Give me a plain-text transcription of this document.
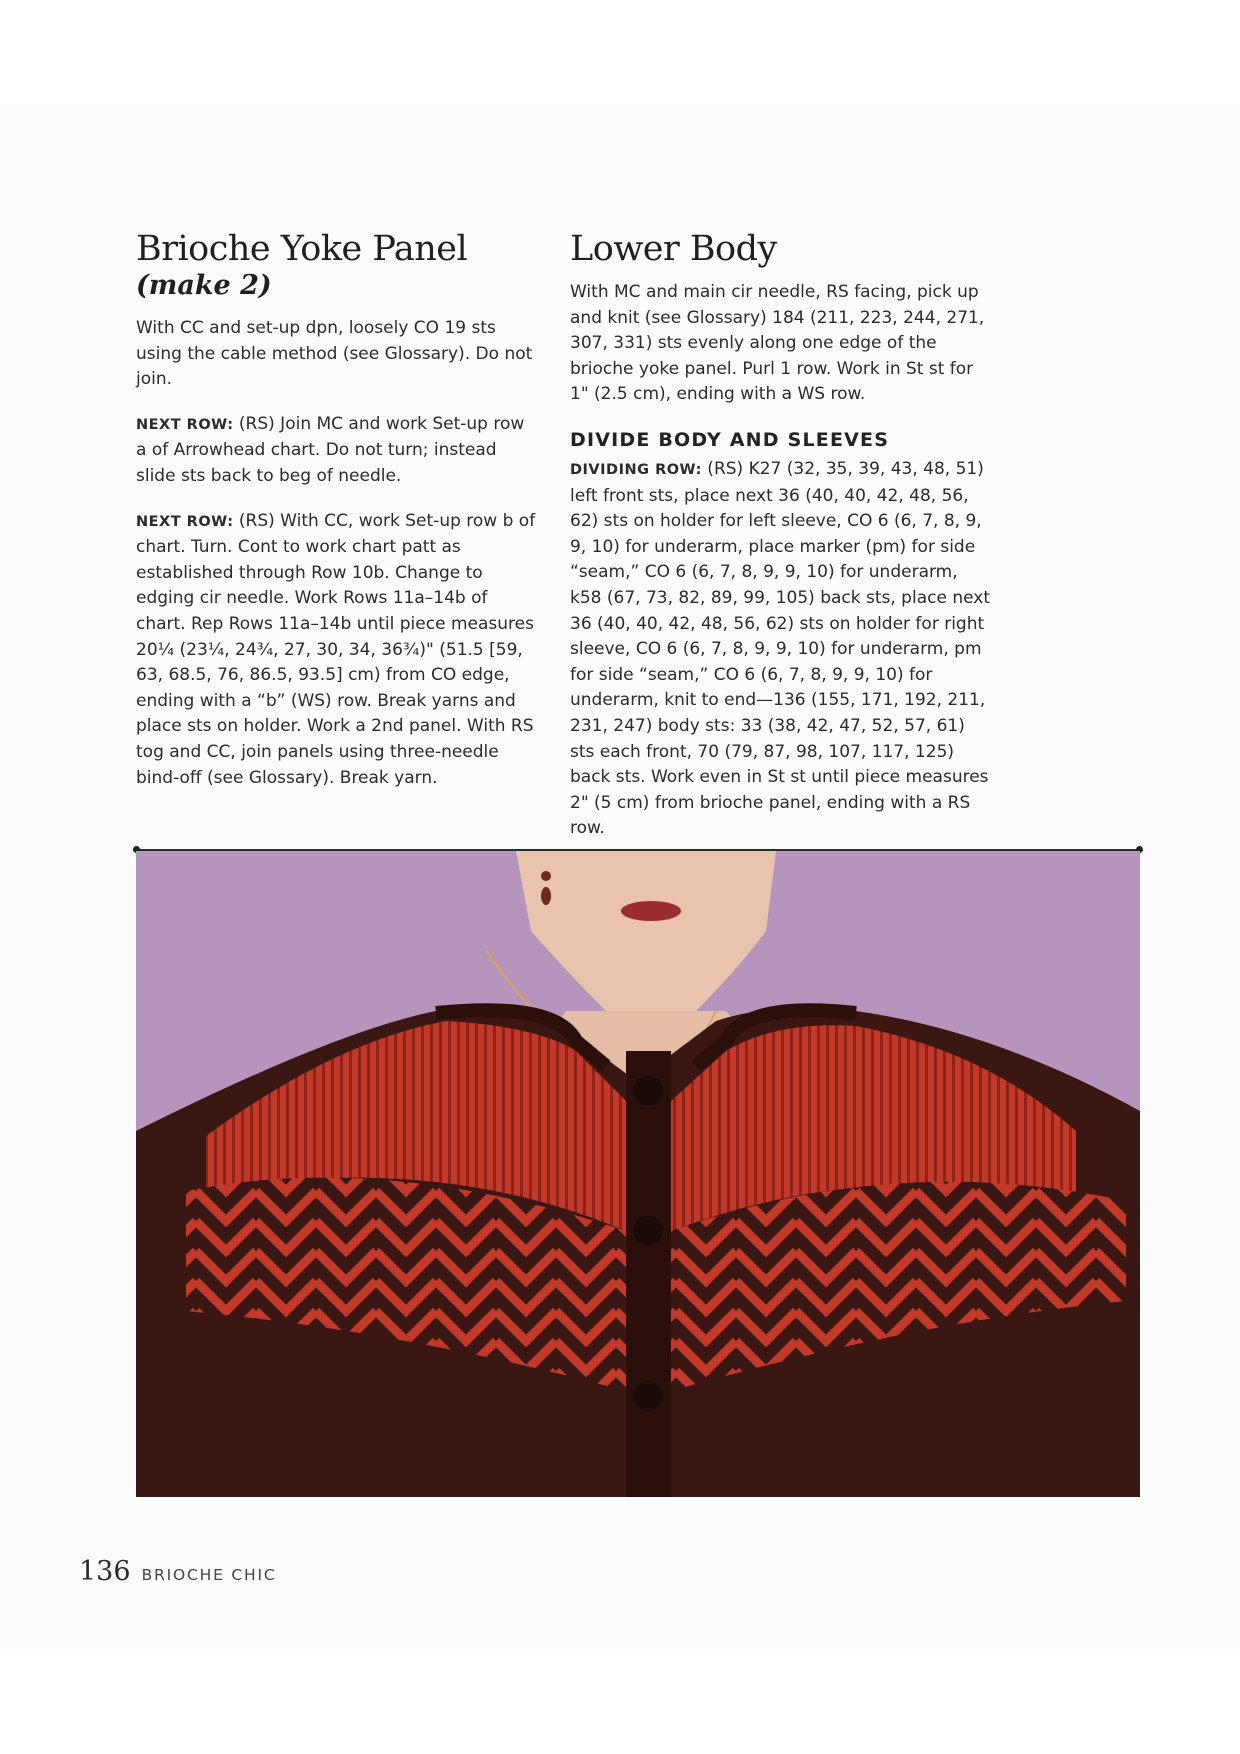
Brioche Yoke Panel
(make 2)

With CC and set-up dpn, loosely CO 19 sts using the cable method (see Glossary). Do not join.

NEXT ROW: (RS) Join MC and work Set-up row a of Arrowhead chart. Do not turn; instead slide sts back to beg of needle.

NEXT ROW: (RS) With CC, work Set-up row b of chart. Turn. Cont to work chart patt as established through Row 10b. Change to edging cir needle. Work Rows 11a–14b of chart. Rep Rows 11a–14b until piece measures 20¼ (23¼, 24¾, 27, 30, 34, 36¾)" (51.5 [59, 63, 68.5, 76, 86.5, 93.5] cm) from CO edge, ending with a “b” (WS) row. Break yarns and place sts on holder. Work a 2nd panel. With RS tog and CC, join panels using three-needle bind-off (see Glossary). Break yarn.

Lower Body

With MC and main cir needle, RS facing, pick up and knit (see Glossary) 184 (211, 223, 244, 271, 307, 331) sts evenly along one edge of the brioche yoke panel. Purl 1 row. Work in St st for 1" (2.5 cm), ending with a WS row.

DIVIDE BODY AND SLEEVES

DIVIDING ROW: (RS) K27 (32, 35, 39, 43, 48, 51) left front sts, place next 36 (40, 40, 42, 48, 56, 62) sts on holder for left sleeve, CO 6 (6, 7, 8, 9, 9, 10) for underarm, place marker (pm) for side “seam,” CO 6 (6, 7, 8, 9, 9, 10) for underarm, k58 (67, 73, 82, 89, 99, 105) back sts, place next 36 (40, 40, 42, 48, 56, 62) sts on holder for right sleeve, CO 6 (6, 7, 8, 9, 9, 10) for underarm, pm for side “seam,” CO 6 (6, 7, 8, 9, 9, 10) for underarm, knit to end—136 (155, 171, 192, 211, 231, 247) body sts: 33 (38, 42, 47, 52, 57, 61) sts each front, 70 (79, 87, 98, 107, 117, 125) back sts. Work even in St st until piece measures 2" (5 cm) from brioche panel, ending with a RS row.

136 BRIOCHE CHIC
